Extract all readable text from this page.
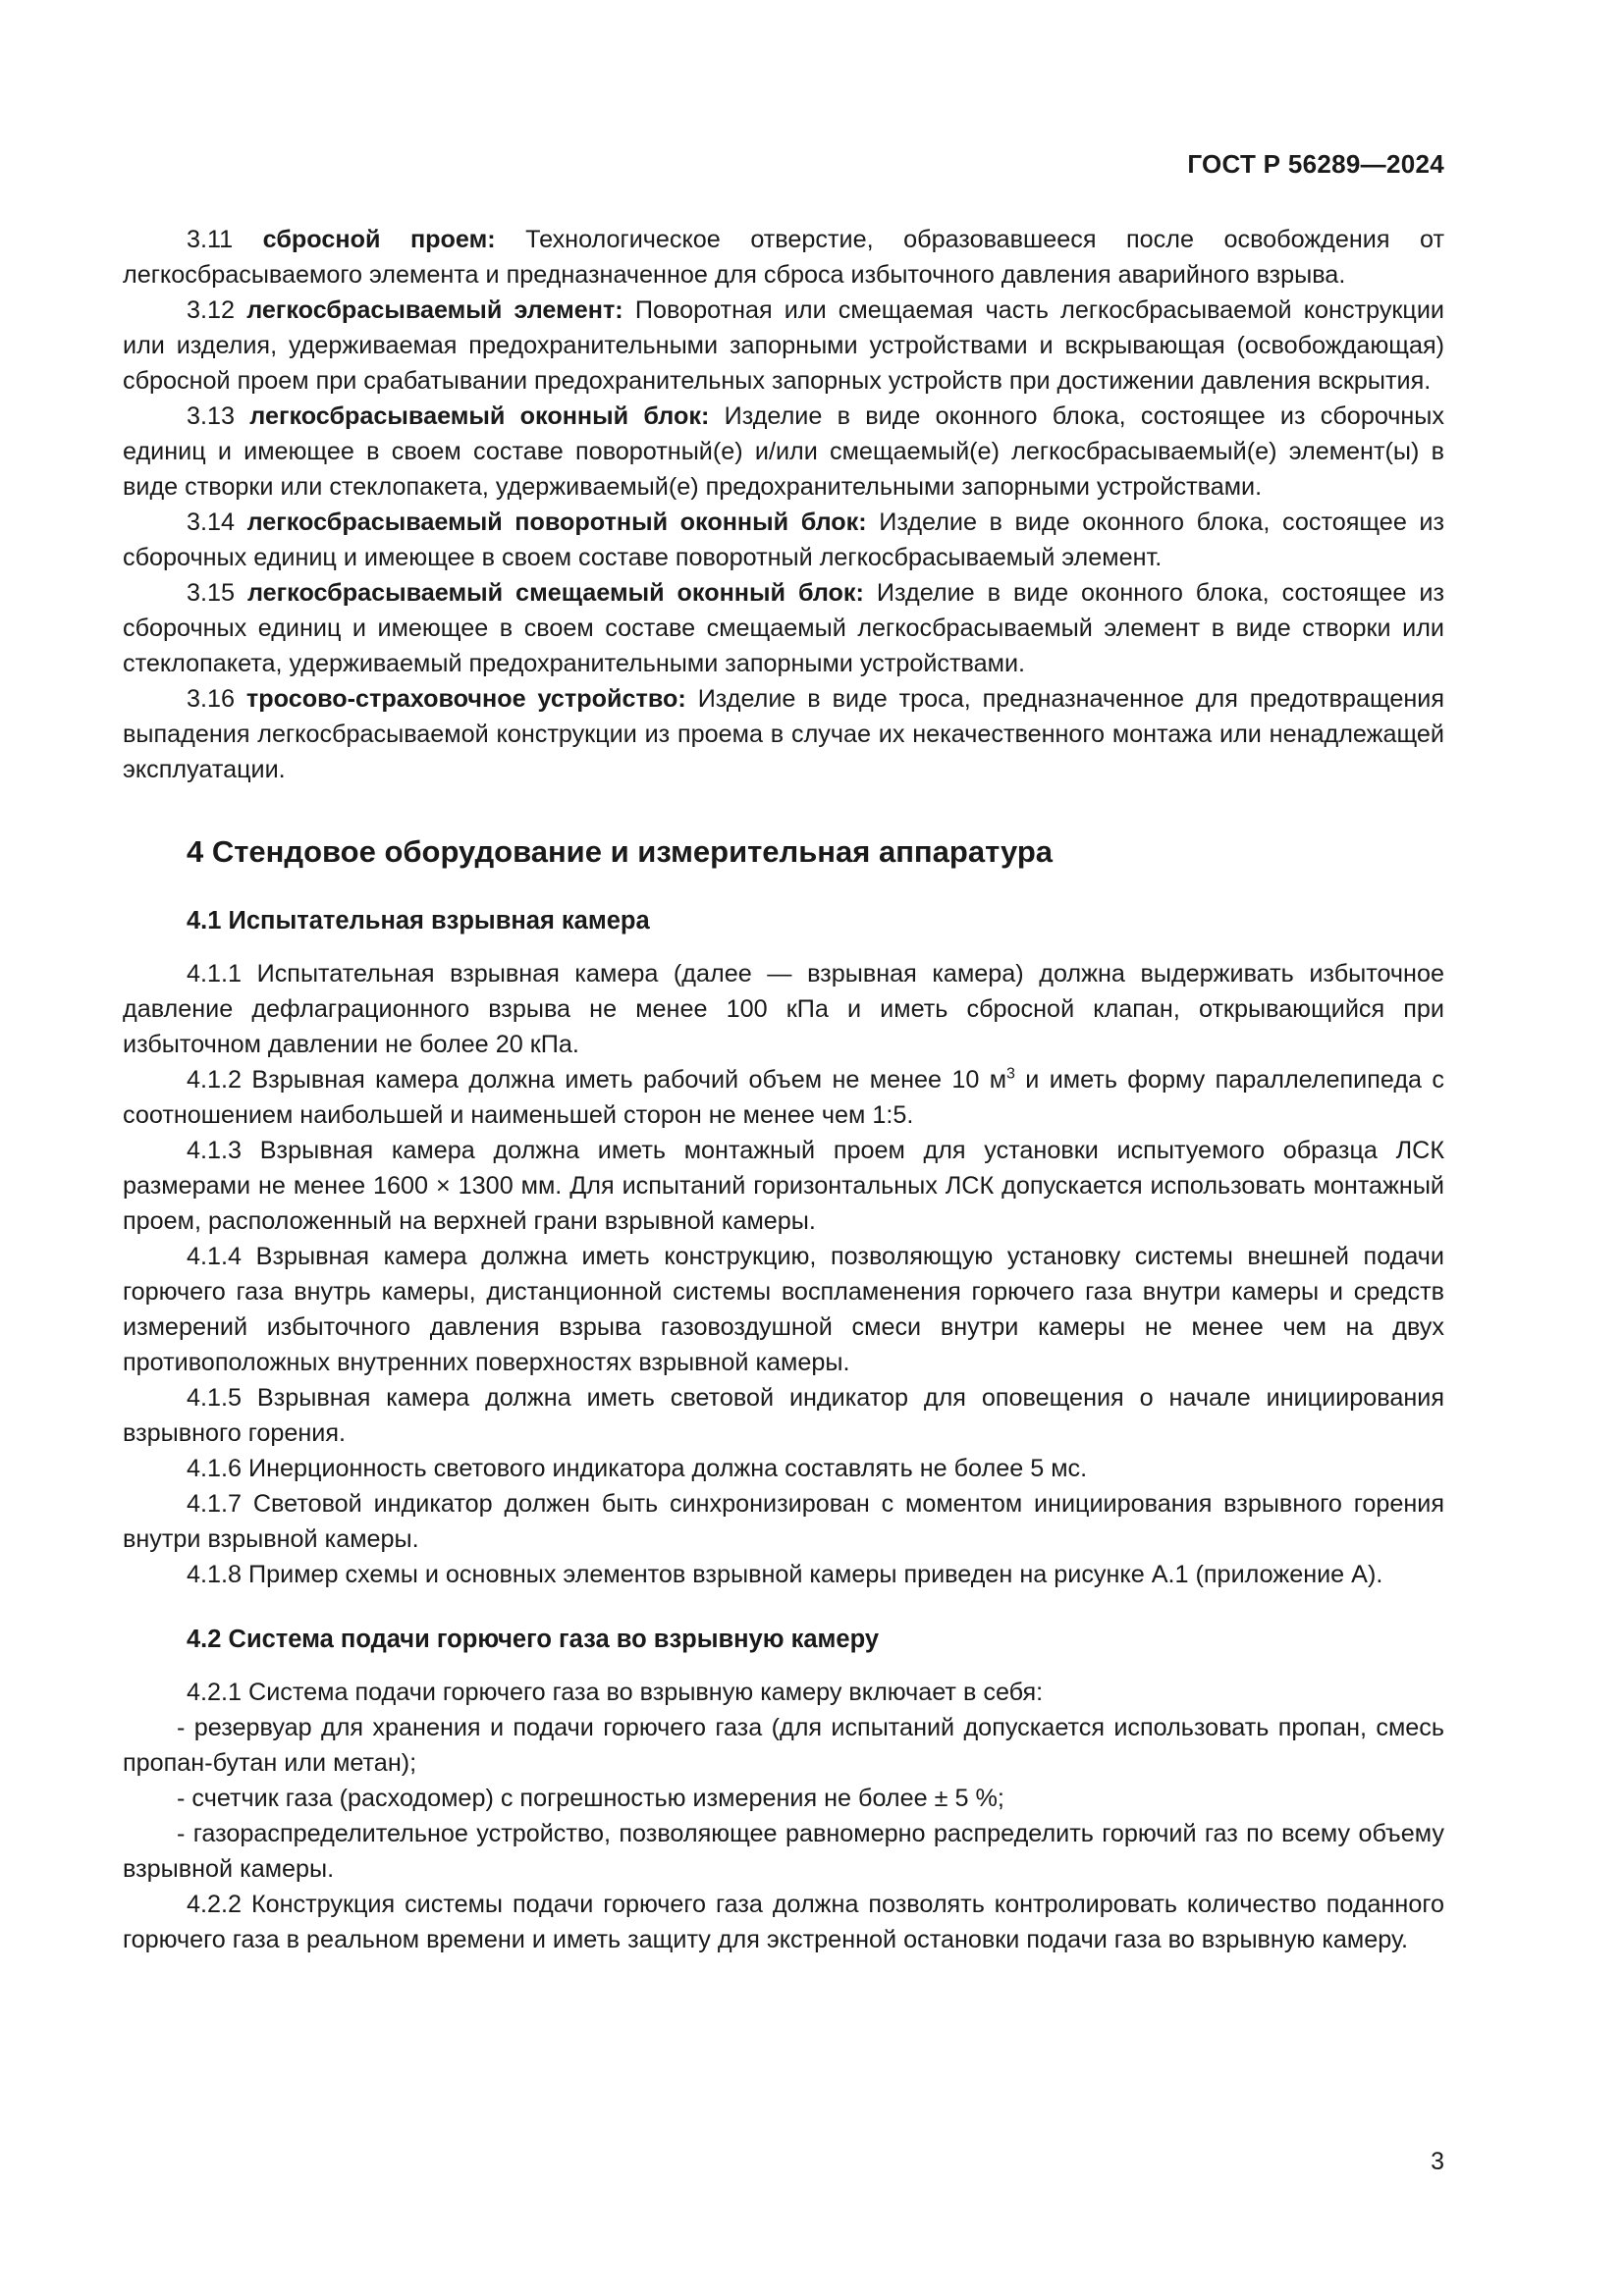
ГОСТ Р 56289—2024

3.11 сбросной проем: Технологическое отверстие, образовавшееся после освобождения от легкосбрасываемого элемента и предназначенное для сброса избыточного давления аварийного взрыва.

3.12 легкосбрасываемый элемент: Поворотная или смещаемая часть легкосбрасываемой конструкции или изделия, удерживаемая предохранительными запорными устройствами и вскрывающая (освобождающая) сбросной проем при срабатывании предохранительных запорных устройств при достижении давления вскрытия.

3.13 легкосбрасываемый оконный блок: Изделие в виде оконного блока, состоящее из сборочных единиц и имеющее в своем составе поворотный(е) и/или смещаемый(е) легкосбрасываемый(е) элемент(ы) в виде створки или стеклопакета, удерживаемый(е) предохранительными запорными устройствами.

3.14 легкосбрасываемый поворотный оконный блок: Изделие в виде оконного блока, состоящее из сборочных единиц и имеющее в своем составе поворотный легкосбрасываемый элемент.

3.15 легкосбрасываемый смещаемый оконный блок: Изделие в виде оконного блока, состоящее из сборочных единиц и имеющее в своем составе смещаемый легкосбрасываемый элемент в виде створки или стеклопакета, удерживаемый предохранительными запорными устройствами.

3.16 тросово-страховочное устройство: Изделие в виде троса, предназначенное для предотвращения выпадения легкосбрасываемой конструкции из проема в случае их некачественного монтажа или ненадлежащей эксплуатации.

4 Стендовое оборудование и измерительная аппаратура
4.1 Испытательная взрывная камера

4.1.1 Испытательная взрывная камера (далее — взрывная камера) должна выдерживать избыточное давление дефлаграционного взрыва не менее 100 кПа и иметь сбросной клапан, открывающийся при избыточном давлении не более 20 кПа.

4.1.2 Взрывная камера должна иметь рабочий объем не менее 10 $м^3$ и иметь форму параллелепипеда с соотношением наибольшей и наименьшей сторон не менее чем 1:5.

4.1.3 Взрывная камера должна иметь монтажный проем для установки испытуемого образца ЛСК размерами не менее 1600 × 1300 мм. Для испытаний горизонтальных ЛСК допускается использовать монтажный проем, расположенный на верхней грани взрывной камеры.

4.1.4 Взрывная камера должна иметь конструкцию, позволяющую установку системы внешней подачи горючего газа внутрь камеры, дистанционной системы воспламенения горючего газа внутри камеры и средств измерений избыточного давления взрыва газовоздушной смеси внутри камеры не менее чем на двух противоположных внутренних поверхностях взрывной камеры.

4.1.5 Взрывная камера должна иметь световой индикатор для оповещения о начале инициирования взрывного горения.

4.1.6 Инерционность светового индикатора должна составлять не более 5 мс.

4.1.7 Световой индикатор должен быть синхронизирован с моментом инициирования взрывного горения внутри взрывной камеры.

4.1.8 Пример схемы и основных элементов взрывной камеры приведен на рисунке А.1 (приложение А).

4.2 Система подачи горючего газа во взрывную камеру

4.2.1 Система подачи горючего газа во взрывную камеру включает в себя:

- резервуар для хранения и подачи горючего газа (для испытаний допускается использовать пропан, смесь пропан-бутан или метан);

- счетчик газа (расходомер) с погрешностью измерения не более ± 5 %;

- газораспределительное устройство, позволяющее равномерно распределить горючий газ по всему объему взрывной камеры.

4.2.2 Конструкция системы подачи горючего газа должна позволять контролировать количество поданного горючего газа в реальном времени и иметь защиту для экстренной остановки подачи газа во взрывную камеру.

3
